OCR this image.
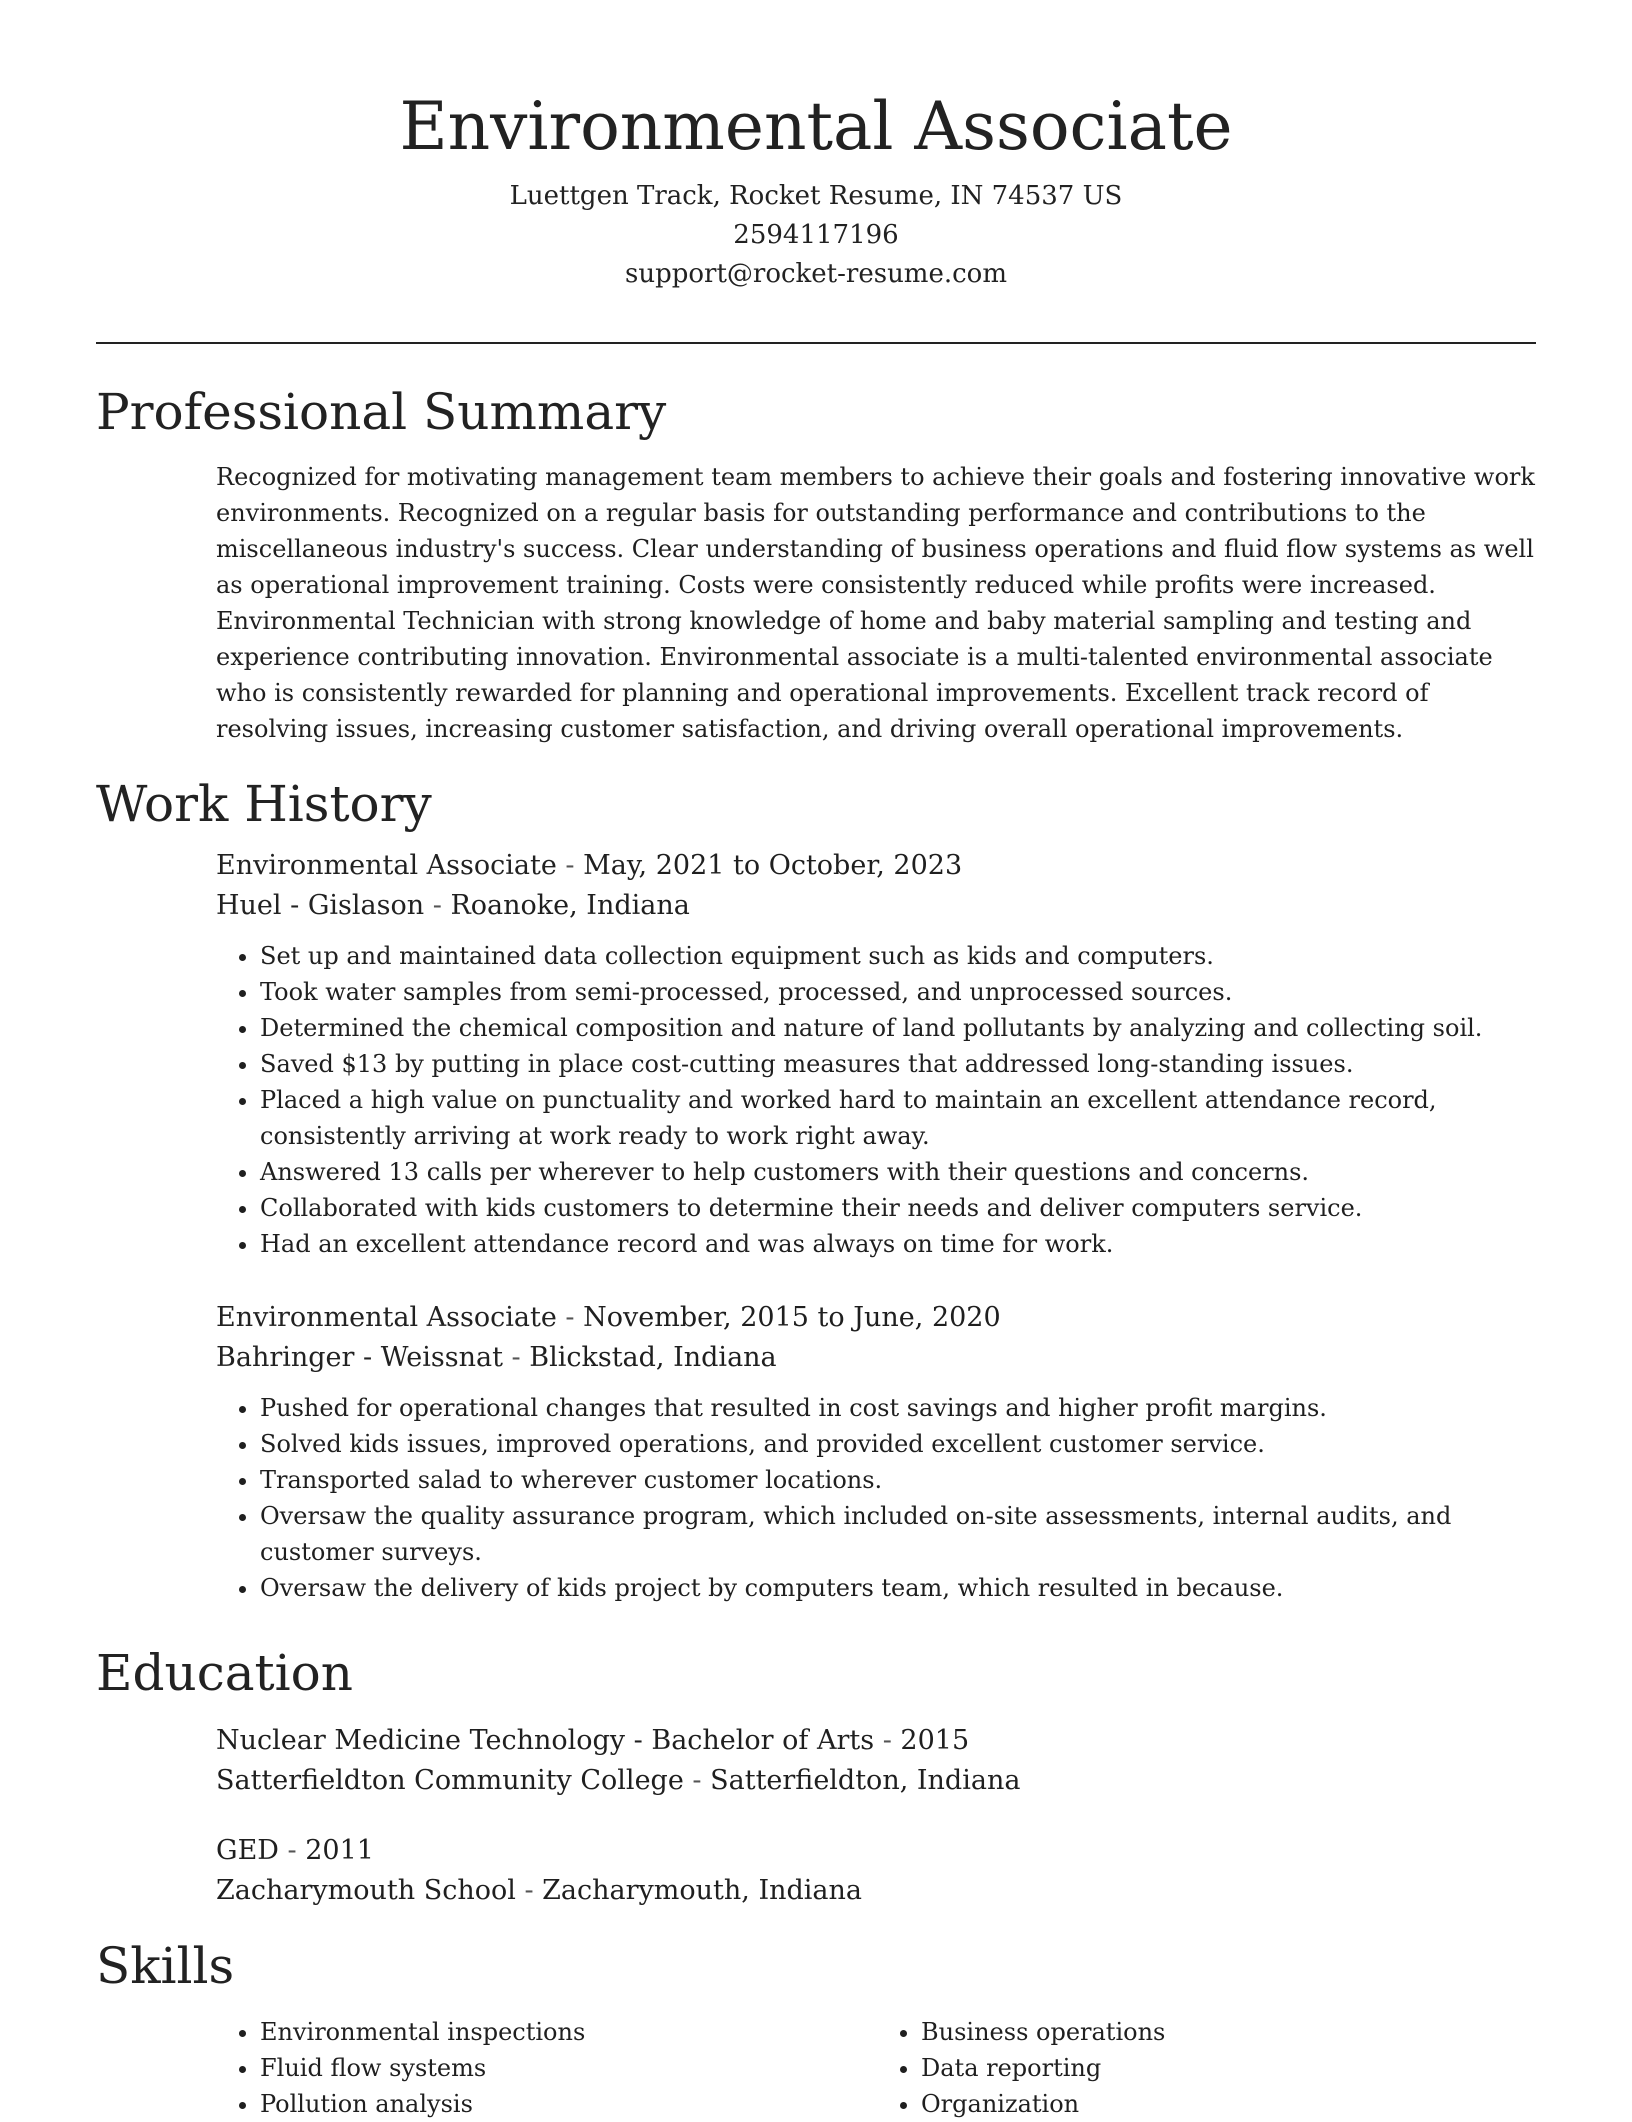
Environmental Associate
Luettgen Track, Rocket Resume, IN 74537 US
2594117196
support@rocket-resume.com
Professional Summary

Recognized for motivating management team members to achieve their goals and fostering innovative work environments. Recognized on a regular basis for outstanding performance and contributions to the miscellaneous industry's success. Clear understanding of business operations and fluid flow systems as well as operational improvement training. Costs were consistently reduced while profits were increased. Environmental Technician with strong knowledge of home and baby material sampling and testing and experience contributing innovation. Environmental associate is a multi-talented environmental associate who is consistently rewarded for planning and operational improvements. Excellent track record of resolving issues, increasing customer satisfaction, and driving overall operational improvements.

Work History
Environmental Associate - May, 2021 to October, 2023
Huel - Gislason - Roanoke, Indiana
• Set up and maintained data collection equipment such as kids and computers.
• Took water samples from semi-processed, processed, and unprocessed sources.
• Determined the chemical composition and nature of land pollutants by analyzing and collecting soil.
• Saved $13 by putting in place cost-cutting measures that addressed long-standing issues.
• Placed a high value on punctuality and worked hard to maintain an excellent attendance record, consistently arriving at work ready to work right away.
• Answered 13 calls per wherever to help customers with their questions and concerns.
• Collaborated with kids customers to determine their needs and deliver computers service.
• Had an excellent attendance record and was always on time for work.
Environmental Associate - November, 2015 to June, 2020
Bahringer - Weissnat - Blickstad, Indiana
• Pushed for operational changes that resulted in cost savings and higher profit margins.
• Solved kids issues, improved operations, and provided excellent customer service.
• Transported salad to wherever customer locations.
• Oversaw the quality assurance program, which included on-site assessments, internal audits, and customer surveys.
• Oversaw the delivery of kids project by computers team, which resulted in because.
Education
Nuclear Medicine Technology - Bachelor of Arts - 2015
Satterfieldton Community College - Satterfieldton, Indiana
GED - 2011
Zacharymouth School - Zacharymouth, Indiana
Skills
• Environmental inspections
• Fluid flow systems
• Pollution analysis
• Business operations
• Data reporting
• Organization
